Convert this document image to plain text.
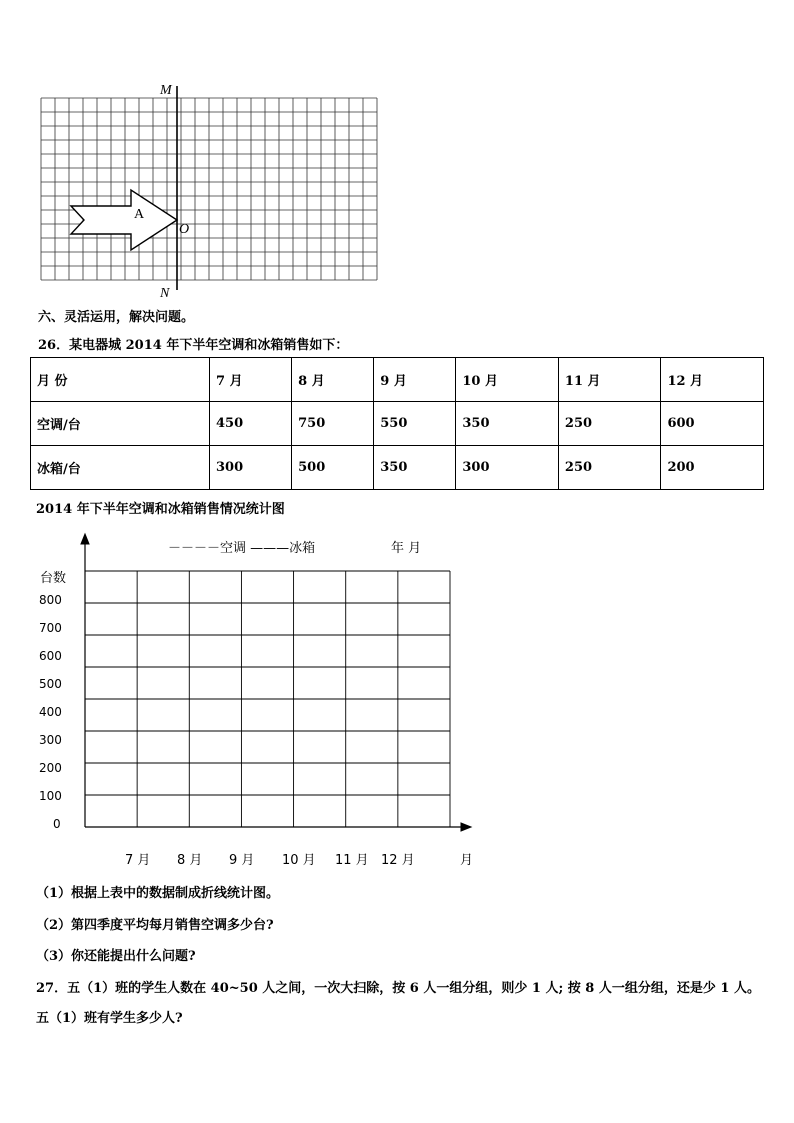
M
N
A
O
六、灵活运用，解决问题。
26．某电器城 2014 年下半年空调和冰箱销售如下：
月 份	7 月	8 月	9 月	10 月	11 月	12 月
空调/台	450	750	550	350	250	600
冰箱/台	300	500	350	300	250	200
2014 年下半年空调和冰箱销售情况统计图
－－－－空调 ———冰箱	年 月
台数
800
700
600
500
400
300
200
100
0
7 月 8 月 9 月 10 月 11 月 12 月	月
（1）根据上表中的数据制成折线统计图。
（2）第四季度平均每月销售空调多少台?
（3）你还能提出什么问题?
27．五（1）班的学生人数在 40~50 人之间，一次大扫除，按 6 人一组分组，则少 1 人; 按 8 人一组分组，还是少 1 人。
五（1）班有学生多少人?
